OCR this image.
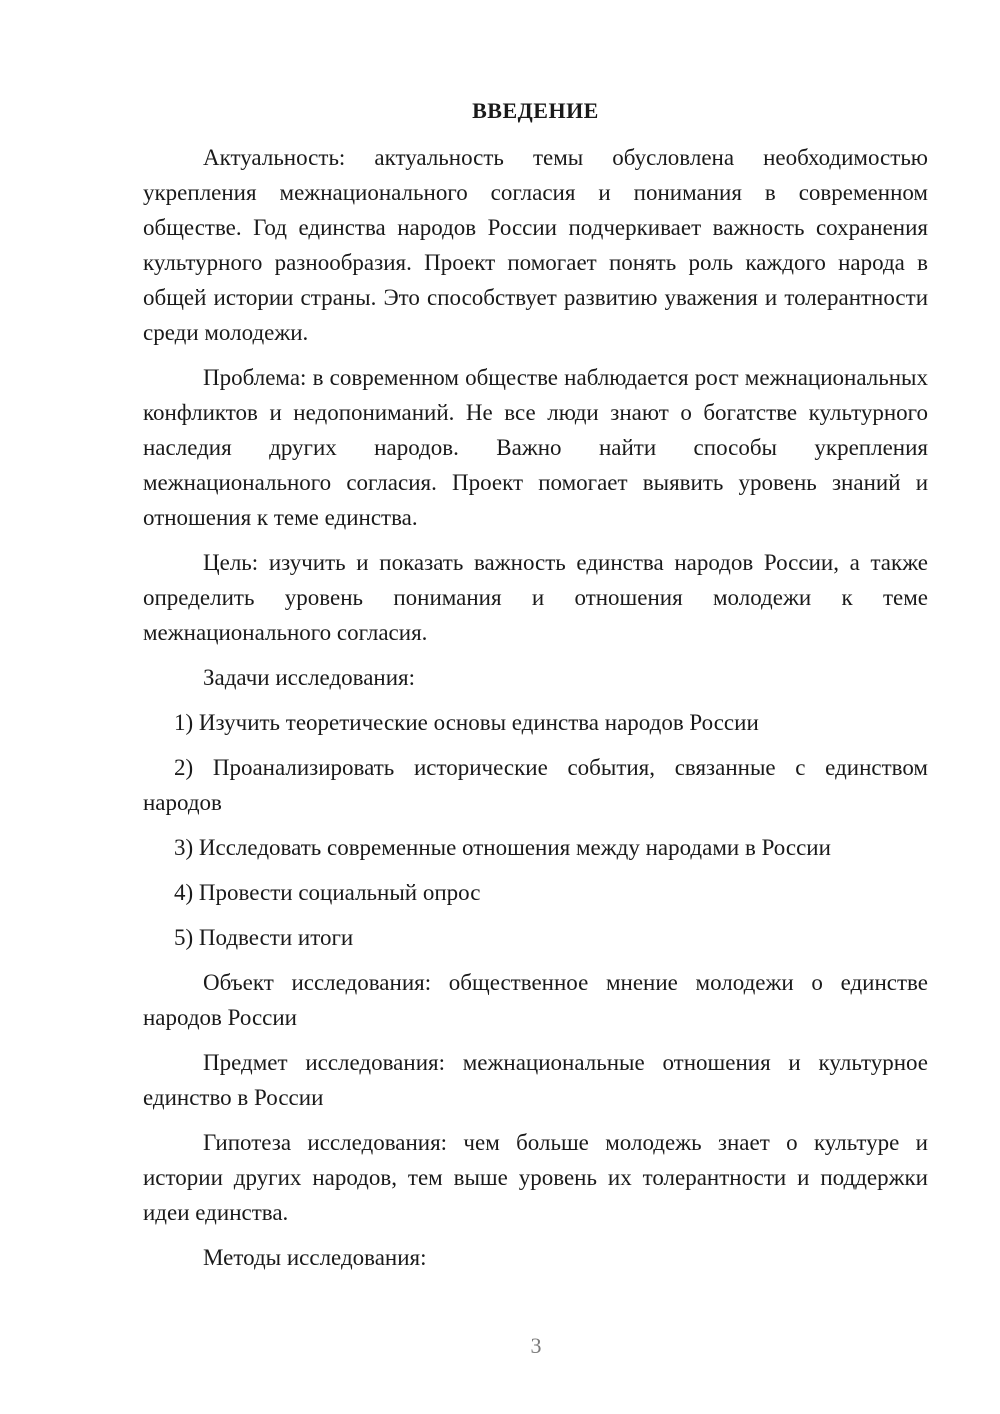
ВВЕДЕНИЕ

Актуальность: актуальность темы обусловлена необходимостью укрепления межнационального согласия и понимания в современном обществе. Год единства народов России подчеркивает важность сохранения культурного разнообразия. Проект помогает понять роль каждого народа в общей истории страны. Это способствует развитию уважения и толерантности среди молодежи.

Проблема: в современном обществе наблюдается рост межнациональных конфликтов и недопониманий. Не все люди знают о богатстве культурного наследия других народов. Важно найти способы укрепления межнационального согласия. Проект помогает выявить уровень знаний и отношения к теме единства.

Цель: изучить и показать важность единства народов России, а также определить уровень понимания и отношения молодежи к теме межнационального согласия.

Задачи исследования:

1) Изучить теоретические основы единства народов России

2) Проанализировать исторические события, связанные с единством народов

3) Исследовать современные отношения между народами в России

4) Провести социальный опрос

5) Подвести итоги

Объект исследования: общественное мнение молодежи о единстве народов России

Предмет исследования: межнациональные отношения и культурное единство в России

Гипотеза исследования: чем больше молодежь знает о культуре и истории других народов, тем выше уровень их толерантности и поддержки идеи единства.

Методы исследования:

3
